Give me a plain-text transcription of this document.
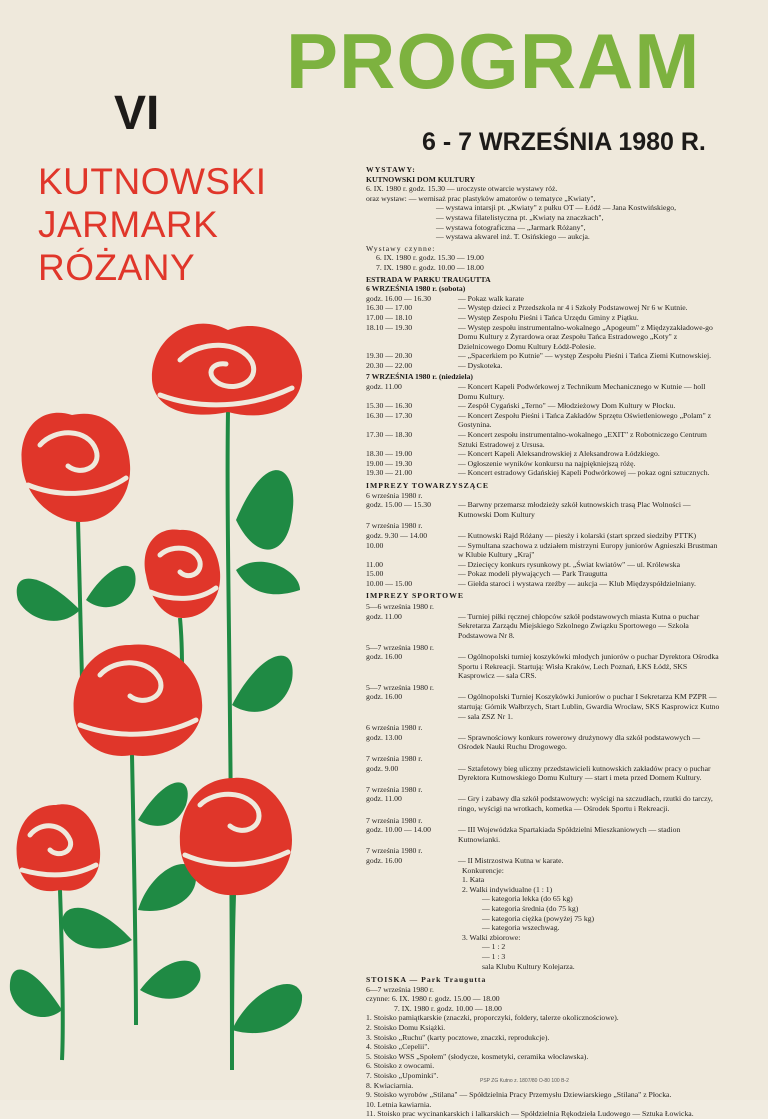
PROGRAM
6 - 7 WRZEŚNIA 1980 R.
VI
KUTNOWSKI
JARMARK
RÓŻANY
WYSTAWY:
KUTNOWSKI DOM KULTURY
6. IX. 1980 r. godz. 15.30 — uroczyste otwarcie wystawy róż.
oraz wystaw: — wernisaż prac plastyków amatorów o tematyce „Kwiaty",
— wystawa intarsji pt. „Kwiaty" z pułku OT — Łódź — Jana Kostwińskiego,
— wystawa filatelistyczna pt. „Kwiaty na znaczkach",
— wystawa fotograficzna — „Jarmark Różany",
— wystawa akwarel inż. T. Osińskiego — aukcja.
Wystawy czynne:
6. IX. 1980 r. godz. 15.30 — 19.00
7. IX. 1980 r. godz. 10.00 — 18.00
ESTRADA W PARKU TRAUGUTTA
6 WRZEŚNIA 1980 r. (sobota)
godz. 16.00 — 16.30	— Pokaz walk karate
16.30 — 17.00	— Występ dzieci z Przedszkola nr 4 i Szkoły Podstawowej Nr 6 w Kutnie.
17.00 — 18.10	— Występ Zespołu Pieśni i Tańca Urzędu Gminy z Piątku.
18.10 — 19.30	— Występ zespołu instrumentalno-wokalnego „Apogeum" z Międzyzakładowe-go Domu Kultury z Żyrardowa oraz Zespołu Tańca Estradowego „Koty" z Dzielnicowego Domu Kultury Łódź-Polesie.
19.30 — 20.30	— „Spacerkiem po Kutnie" — występ Zespołu Pieśni i Tańca Ziemi Kutnowskiej.
20.30 — 22.00	— Dyskoteka.
7 WRZEŚNIA 1980 r. (niedziela)
godz. 11.00	— Koncert Kapeli Podwórkowej z Technikum Mechanicznego w Kutnie — holl Domu Kultury.
15.30 — 16.30	— Zespół Cygański „Terno" — Młodzieżowy Dom Kultury w Płocku.
16.30 — 17.30	— Koncert Zespołu Pieśni i Tańca Zakładów Sprzętu Oświetleniowego „Polam" z Gostynina.
17.30 — 18.30	— Koncert zespołu instrumentalno-wokalnego „EXIT" z Robotniczego Centrum Sztuki Estradowej z Ursusa.
18.30 — 19.00	— Koncert Kapeli Aleksandrowskiej z Aleksandrowa Łódzkiego.
19.00 — 19.30	— Ogłoszenie wyników konkursu na najpiękniejszą różę.
19.30 — 21.00	— Koncert estradowy Gdańskiej Kapeli Podwórkowej — pokaz ogni sztucznych.
IMPREZY TOWARZYSZĄCE
6 września 1980 r.
godz. 15.00 — 15.30	— Barwny przemarsz młodzieży szkół kutnowskich trasą Plac Wolności — Kutnowski Dom Kultury
7 września 1980 r.
godz. 9.30 — 14.00	— Kutnowski Rajd Różany — piesży i kolarski (start sprzed siedziby PTTK)
10.00	— Symultana szachowa z udziałem mistrzyni Europy juniorów Agnieszki Brustman w Klubie Kultury „Kraj"
11.00	— Dziecięcy konkurs rysunkowy pt. „Świat kwiatów" — ul. Królewska
15.00	— Pokaz modeli pływających — Park Traugutta
10.00 — 15.00	— Giełda staroci i wystawa rzeźby — aukcja — Klub Międzyspółdzielniany.
IMPREZY SPORTOWE
5—6 września 1980 r.
godz. 11.00	— Turniej piłki ręcznej chłopców szkół podstawowych miasta Kutna o puchar Sekretarza Zarządu Miejskiego Szkolnego Związku Sportowego — Szkoła Podstawowa Nr 8.
5—7 września 1980 r.
godz. 16.00	— Ogólnopolski turniej koszykówki młodych juniorów o puchar Dyrektora Ośrodka Sportu i Rekreacji. Startują: Wisła Kraków, Lech Poznań, ŁKS Łódź, SKS Kasprowicz — sala CRS.
5—7 września 1980 r.
godz. 16.00	— Ogólnopolski Turniej Koszykówki Juniorów o puchar I Sekretarza KM PZPR — startują: Górnik Wałbrzych, Start Lublin, Gwardia Wrocław, SKS Kasprowicz Kutno — sala ZSZ Nr 1.
6 września 1980 r.
godz. 13.00	— Sprawnościowy konkurs rowerowy drużynowy dla szkół podstawowych — Ośrodek Nauki Ruchu Drogowego.
7 września 1980 r.
godz. 9.00	— Sztafetowy bieg uliczny przedstawicieli kutnowskich zakładów pracy o puchar Dyrektora Kutnowskiego Domu Kultury — start i meta przed Domem Kultury.
7 września 1980 r.
godz. 11.00	— Gry i zabawy dla szkół podstawowych: wyścigi na szczudłach, rzutki do tarczy, ringo, wyścigi na wrotkach, kometka — Ośrodek Sportu i Rekreacji.
7 września 1980 r.
godz. 10.00 — 14.00	— III Wojewódzka Spartakiada Spółdzielni Mieszkaniowych — stadion Kutnowianki.
7 września 1980 r.
godz. 16.00	— II Mistrzostwa Kutna w karate.
Konkurencje:
1. Kata
2. Walki indywidualne (1 : 1)
— kategoria lekka (do 65 kg)
— kategoria średnia (do 75 kg)
— kategoria ciężka (powyżej 75 kg)
— kategoria wszechwag.
3. Walki zbiorowe:
— 1 : 2
— 1 : 3
sala Klubu Kultury Kolejarza.
STOISKA — Park Traugutta
6—7 września 1980 r.
czynne: 6. IX. 1980 r. godz. 15.00 — 18.00
7. IX. 1980 r. godz. 10.00 — 18.00
1. Stoisko pamiątkarskie (znaczki, proporczyki, foldery, talerze okolicznościowe).
2. Stoisko Domu Książki.
3. Stoisko „Ruchu" (karty pocztowe, znaczki, reprodukcje).
4. Stoisko „Cepelii".
5. Stoisko WSS „Społem" (słodycze, kosmetyki, ceramika włocławska).
6. Stoisko z owocami.
7. Stoisko „Upominki".
8. Kwiaciarnia.
9. Stoisko wyrobów „Stilana" — Spółdzielnia Pracy Przemysłu Dziewiarskiego „Stilana" z Płocka.
10. Letnia kawiarnia.
11. Stoisko prac wycinankarskich i lalkarskich — Spółdzielnia Rękodzieła Ludowego — Sztuka Łowicka.
PSP ZG Kutno z. 1807/80 O-80 100 B-2
